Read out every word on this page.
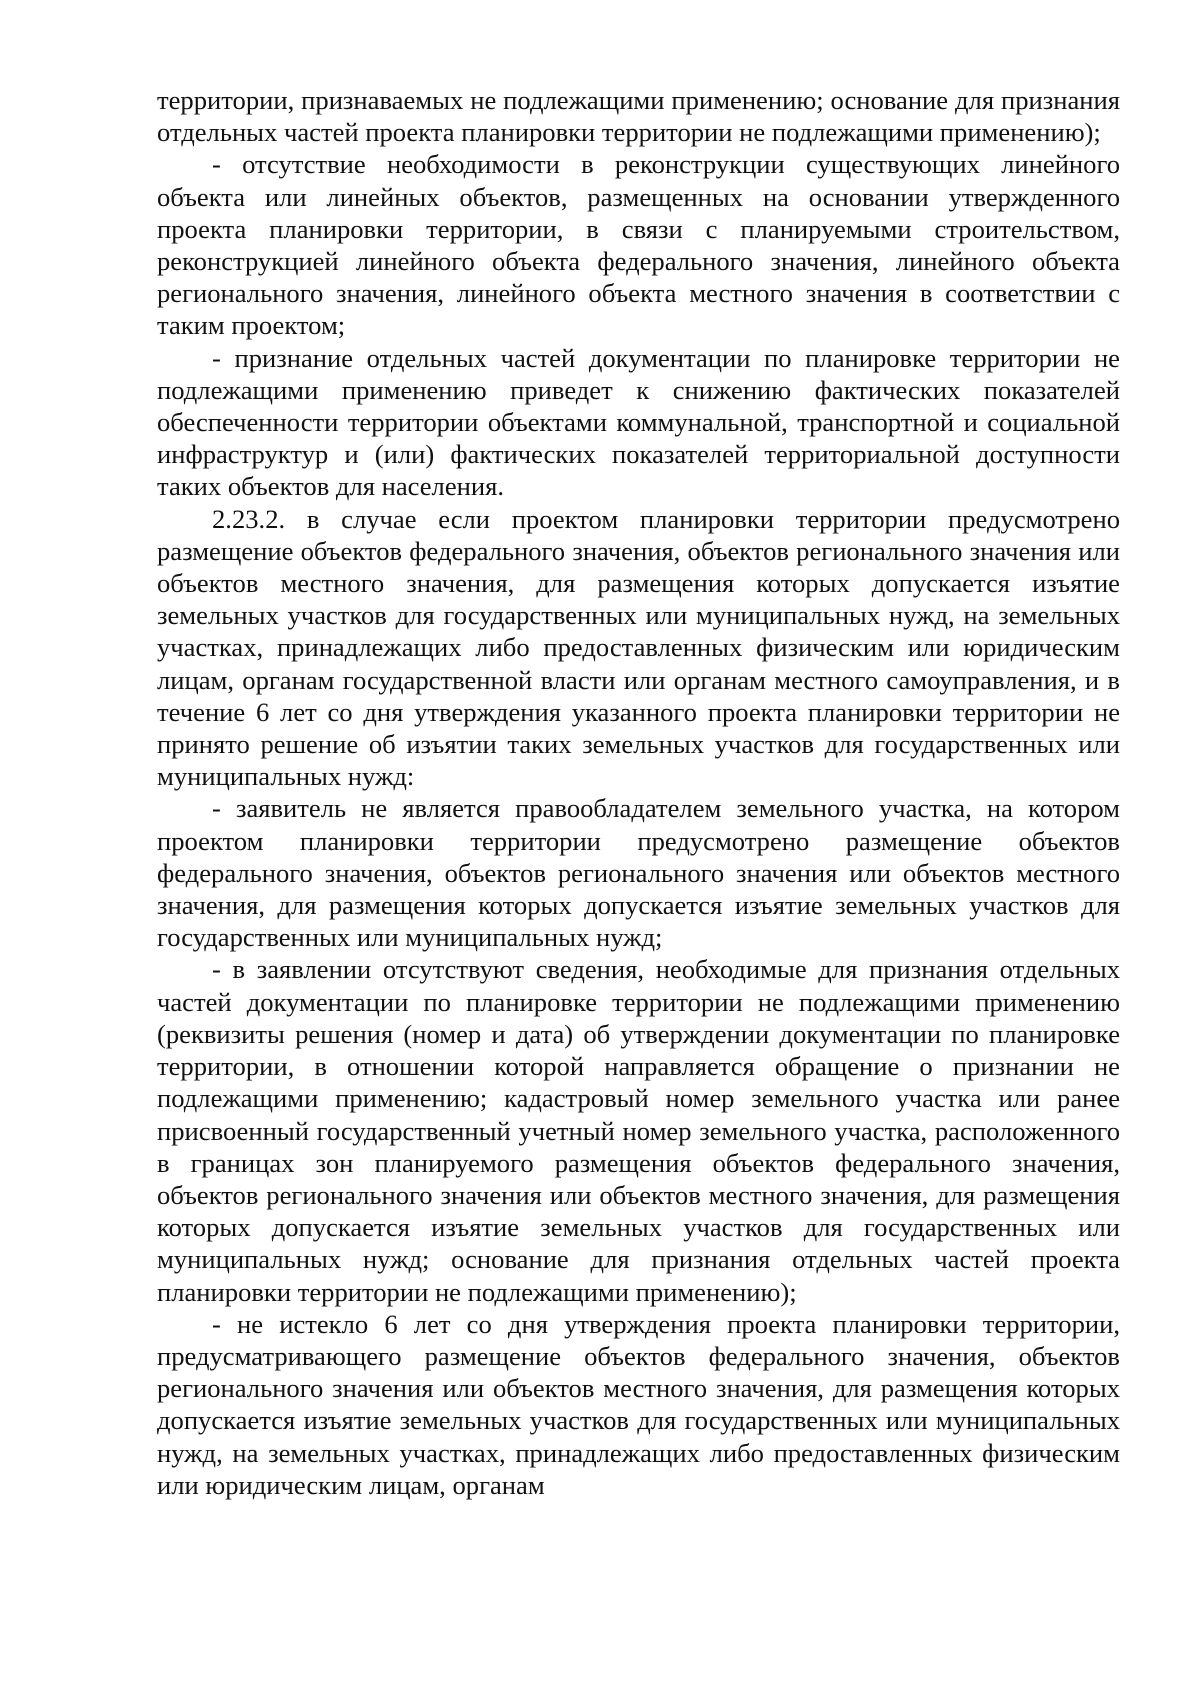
территории, признаваемых не подлежащими применению; основание для признания отдельных частей проекта планировки территории не подлежащими применению);

- отсутствие необходимости в реконструкции существующих линейного объекта или линейных объектов, размещенных на основании утвержденного проекта планировки территории, в связи с планируемыми строительством, реконструкцией линейного объекта федерального значения, линейного объекта регионального значения, линейного объекта местного значения в соответствии с таким проектом;

- признание отдельных частей документации по планировке территории не подлежащими применению приведет к снижению фактических показателей обеспеченности территории объектами коммунальной, транспортной и социальной инфраструктур и (или) фактических показателей территориальной доступности таких объектов для населения.

2.23.2. в случае если проектом планировки территории предусмотрено размещение объектов федерального значения, объектов регионального значения или объектов местного значения, для размещения которых допускается изъятие земельных участков для государственных или муниципальных нужд, на земельных участках, принадлежащих либо предоставленных физическим или юридическим лицам, органам государственной власти или органам местного самоуправления, и в течение 6 лет со дня утверждения указанного проекта планировки территории не принято решение об изъятии таких земельных участков для государственных или муниципальных нужд:

- заявитель не является правообладателем земельного участка, на котором проектом планировки территории предусмотрено размещение объектов федерального значения, объектов регионального значения или объектов местного значения, для размещения которых допускается изъятие земельных участков для государственных или муниципальных нужд;

- в заявлении отсутствуют сведения, необходимые для признания отдельных частей документации по планировке территории не подлежащими применению (реквизиты решения (номер и дата) об утверждении документации по планировке территории, в отношении которой направляется обращение о признании не подлежащими применению; кадастровый номер земельного участка или ранее присвоенный государственный учетный номер земельного участка, расположенного в границах зон планируемого размещения объектов федерального значения, объектов регионального значения или объектов местного значения, для размещения которых допускается изъятие земельных участков для государственных или муниципальных нужд; основание для признания отдельных частей проекта планировки территории не подлежащими применению);

- не истекло 6 лет со дня утверждения проекта планировки территории, предусматривающего размещение объектов федерального значения, объектов регионального значения или объектов местного значения, для размещения которых допускается изъятие земельных участков для государственных или муниципальных нужд, на земельных участках, принадлежащих либо предоставленных физическим или юридическим лицам, органам
